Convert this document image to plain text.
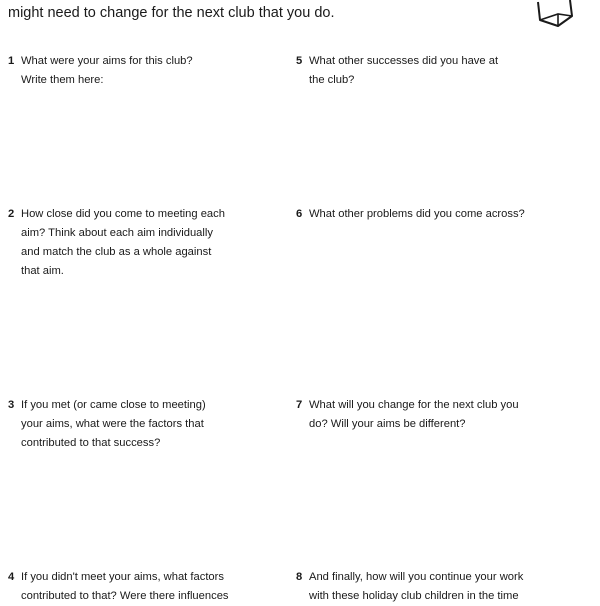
might need to change for the next club that you do.
1 What were your aims for this club?
Write them here:
2 How close did you come to meeting each
aim? Think about each aim individually
and match the club as a whole against
that aim.
3 If you met (or came close to meeting)
your aims, what were the factors that
contributed to that success?
4 If you didn't meet your aims, what factors
contributed to that? Were there influences
5 What other successes did you have at
the club?
6 What other problems did you come across?
7 What will you change for the next club you
do? Will your aims be different?
8 And finally, how will you continue your work
with these holiday club children in the time
